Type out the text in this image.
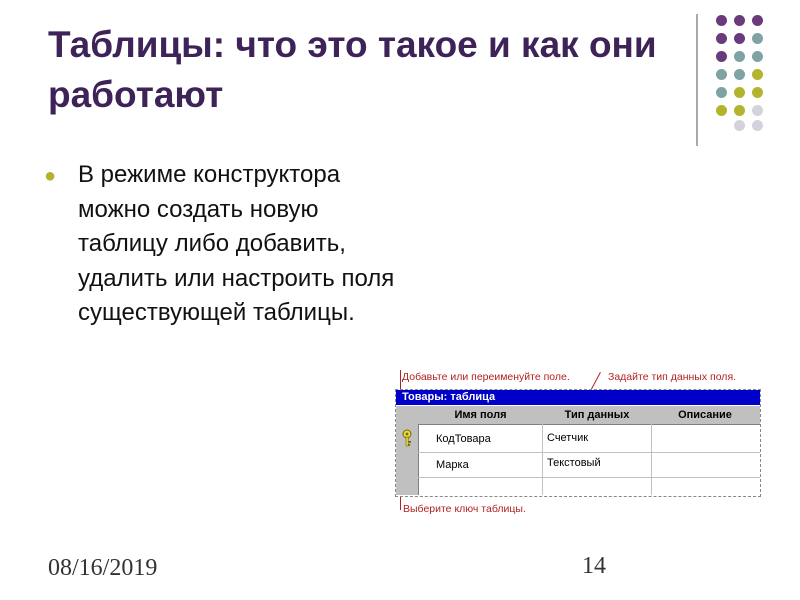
Таблицы: что это такое и как они работают
● В режиме конструктора можно создать новую таблицу либо добавить, удалить или настроить поля существующей таблицы.
Добавьте или переименуйте поле.	Задайте тип данных поля.
Товары: таблица
Имя поля	Тип данных	Описание
КодТовара	Счетчик
Марка	Текстовый
Выберите ключ таблицы.
08/16/2019	14
